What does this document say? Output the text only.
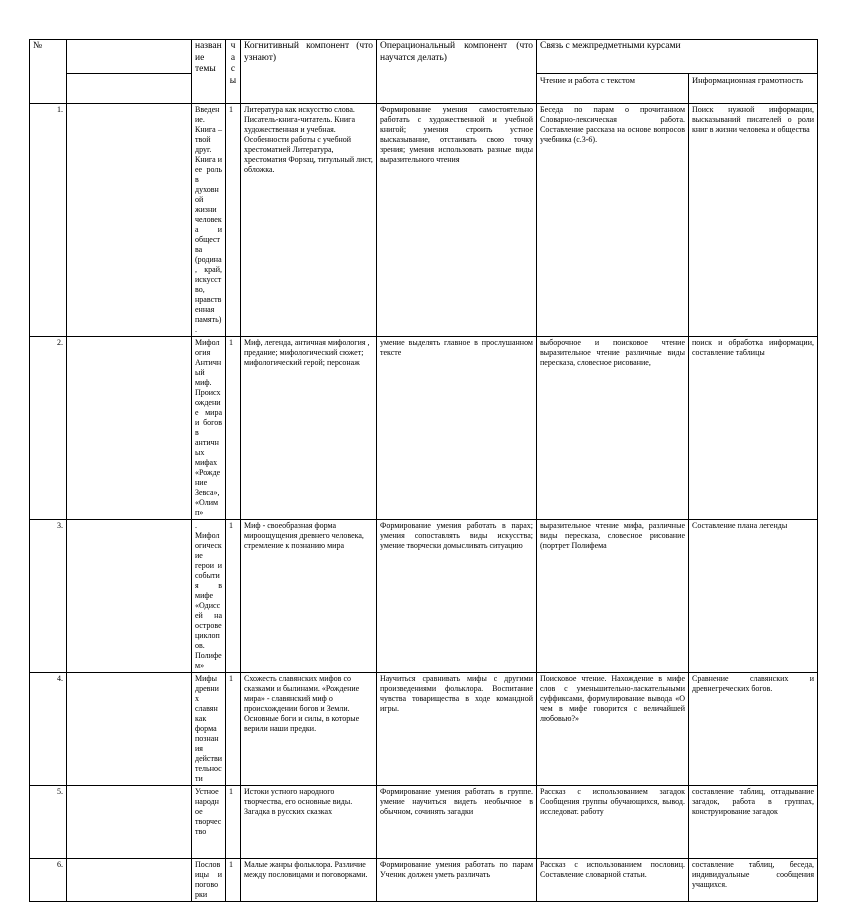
№		название темы	ч
а
с
ы	Когнитивный компонент (что узнают)	Операциональный компонент (что научатся делать)	Связь с межпредметными курсами	
						Чтение и работа с текстом	Информационная грамотность
1.		Введение. Книга – твой друг. Книга и ее роль в духовной жизни человека и общества (родина, край, искусство, нравственная память).	1	Литература как искусство слова. Писатель-книга-читатель. Книга художественная и учебная. Особенности работы с учебной хрестоматией Литература, хрестоматия Форзац, титульный лист, обложка.	Формирование умения самостоятельно работать с художественной и учебной книгой; умения строить устное высказывание, отстаивать свою точку зрения; умения использовать разные виды выразительного чтения	Беседа по парам о прочитанном Словарно-лексическая работа. Составление рассказа на основе вопросов учебника (с.3-6).	Поиск нужной информации, высказываний писателей о роли книг в жизни человека и общества
2.		Мифология Античный миф. Происхождение мира и богов в античных мифах «Рождение Зевса», «Олимп»	1	Миф, легенда, античная мифология , предание; мифологический сюжет; мифологический герой; персонаж	умение выделять главное в прослушанном тексте	выборочное и поисковое чтение выразительное чтение различные виды пересказа, словесное рисование,	поиск и обработка информации, составление таблицы
3.		. Мифологические герои и события в мифе «Одиссей на острове циклопов. Полифем»	1	Миф - своеобразная форма мироощущения древнего человека, стремление к познанию мира	Формирование умения работать в парах; умения сопоставлять виды искусства; умение творчески домысливать ситуацию	выразительное чтение мифа, различные виды пересказа, словесное рисование (портрет Полифема	Составление плана легенды
4.		Мифы древних славян как форма познания действительности	1	Схожесть славянских мифов со сказками и былинами. «Рождение мира» - славянский миф о происхождении богов и Земли. Основные боги и силы, в которые верили наши предки.	Научиться сравнивать мифы с другими произведениями фольклора. Воспитание чувства товарищества в ходе командной игры.	Поисковое чтение. Нахождение в мифе слов с уменьшительно-ласкательными суффиксами, формулирование вывода «О чем в мифе говорится с величайшей любовью?»	Сравнение славянских и древнегреческих богов.
5.		Устное народное творчество	1	Истоки устного народного творчества, его основные виды. Загадка в русских сказках	Формирование умения работать в группе. умение научиться видеть необычное в обычном, сочинять загадки	Рассказ с использованием загадок Сообщения группы обучающихся, вывод. исследоват. работу	составление таблиц, отгадывание загадок, работа в группах, конструирование загадок
6.		Пословицы и поговорки	1	Малые жанры фольклора. Различие между пословицами и поговорками.	Формирование умения работать по парам Ученик должен уметь различать	Рассказ с использованием пословиц. Составление словарной статьи.	составление таблиц, беседа, индивидуальные сообщения учащихся.
